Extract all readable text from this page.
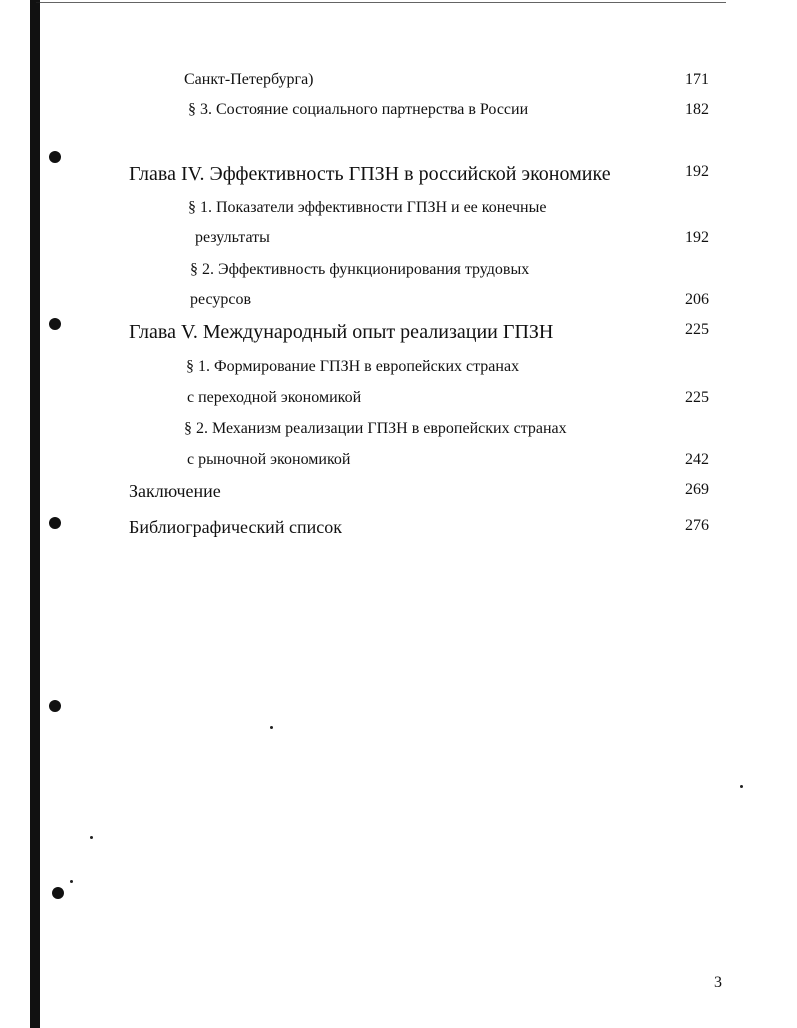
Санкт-Петербурга)	171
§ 3. Состояние социального партнерства в России	182
Глава IV. Эффективность ГПЗН в российской экономике	192
§ 1. Показатели эффективности ГПЗН и ее конечные
результаты	192
§ 2. Эффективность функционирования трудовых
ресурсов	206
Глава V. Международный опыт реализации ГПЗН	225
§ 1. Формирование ГПЗН в европейских странах
с переходной экономикой	225
§ 2. Механизм реализации ГПЗН в европейских странах
с рыночной экономикой	242
Заключение	269
Библиографический список	276
3
